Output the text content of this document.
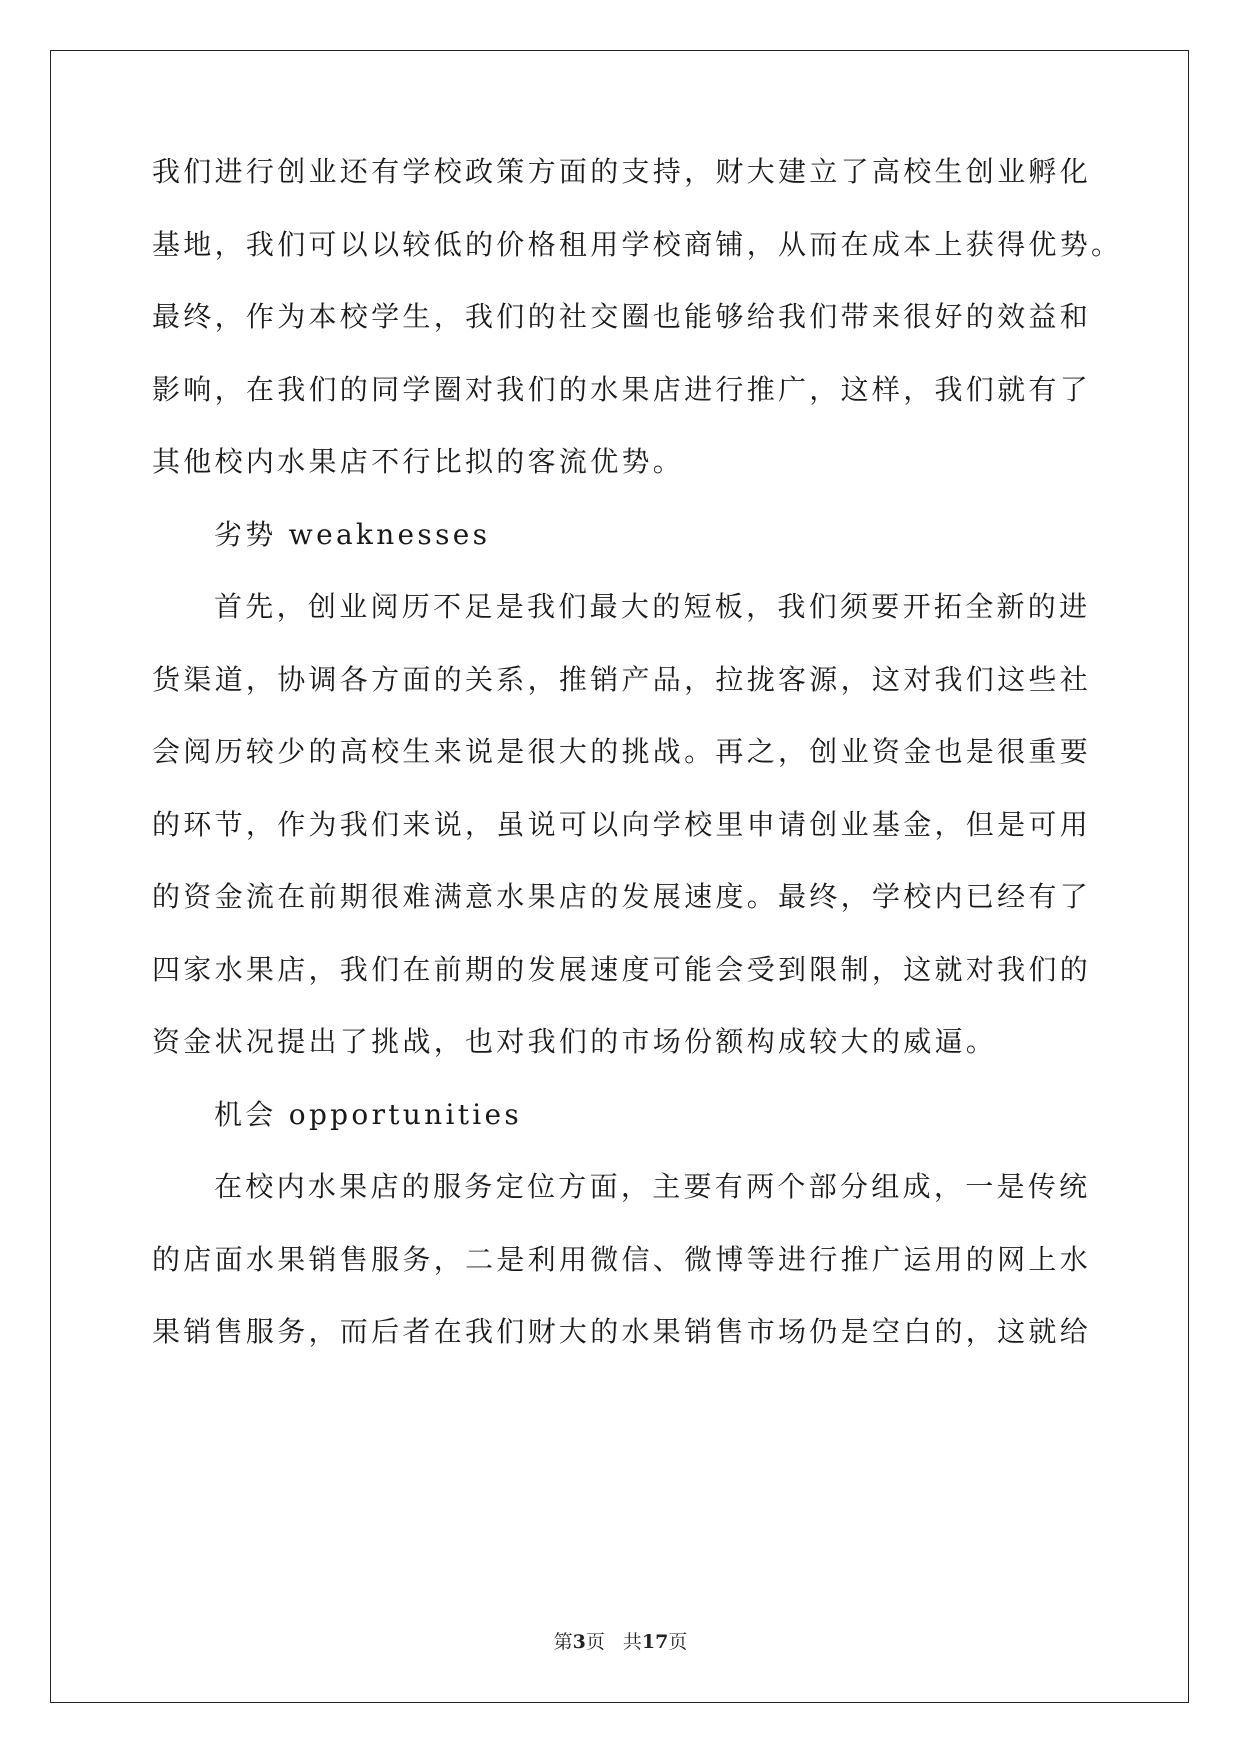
我们进行创业还有学校政策方面的支持，财大建立了高校生创业孵化
基地，我们可以以较低的价格租用学校商铺，从而在成本上获得优势。
最终，作为本校学生，我们的社交圈也能够给我们带来很好的效益和
影响，在我们的同学圈对我们的水果店进行推广，这样，我们就有了
其他校内水果店不行比拟的客流优势。
劣势 weaknesses
首先，创业阅历不足是我们最大的短板，我们须要开拓全新的进
货渠道，协调各方面的关系，推销产品，拉拢客源，这对我们这些社
会阅历较少的高校生来说是很大的挑战。再之，创业资金也是很重要
的环节，作为我们来说，虽说可以向学校里申请创业基金，但是可用
的资金流在前期很难满意水果店的发展速度。最终，学校内已经有了
四家水果店，我们在前期的发展速度可能会受到限制，这就对我们的
资金状况提出了挑战，也对我们的市场份额构成较大的威逼。
机会 opportunities
在校内水果店的服务定位方面，主要有两个部分组成，一是传统
的店面水果销售服务，二是利用微信、微博等进行推广运用的网上水
果销售服务，而后者在我们财大的水果销售市场仍是空白的，这就给
第3页 共17页
